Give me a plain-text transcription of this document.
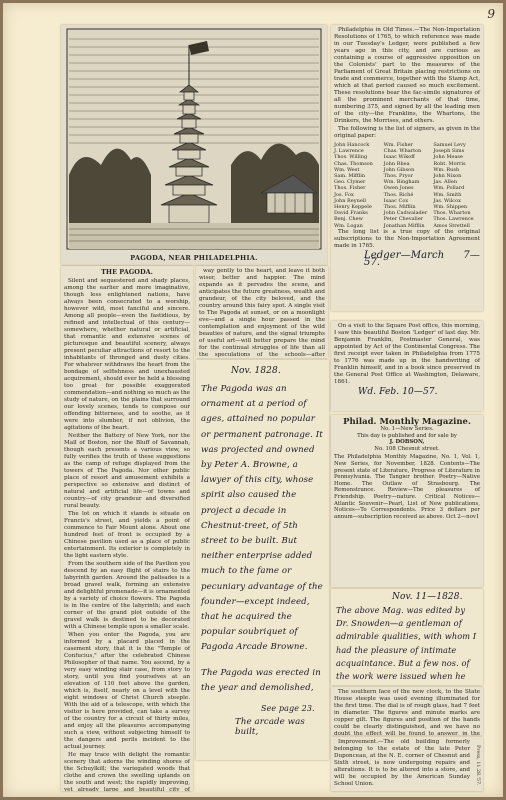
9
PAGODA, NEAR PHILADELPHIA.
THE PAGODA.

Silent and sequestered and shady places, among the earlier and more imaginative, though less enlightened nations, have always been consecrated to a worship, however wild, most fanciful and sincere. Among all people—even the fastidious, by refined and intellectual of this century—somewhere, whether natural or artificial, that romantic and extensive scenes of picturesque and beautiful scenery, always present peculiar attractions of resort to the inhabitants of thronged and dusty cities. For whatever withdraws the heart from the bondage of selfishness and unexhausted acquirement, should ever be held a blessing too great for possible exaggerated commendation—and nothing so much as the study of nature, on the plains that surround our lovely scenes, tends to compose our offending bitterness, and to soothe, as it were into slumber, if not oblivion, the agitations of the heart.

Neither the Battery of New York, nor the Mall of Boston, nor the Bluff of Savannah, though each presents a various view, so fully verifies the truth of these suggestions as the camp of refuge displayed from the towers of The Pagoda. Nor other public place of resort and amusement exhibits a perspective so extensive and distinct of natural and artificial life—of towns and country—of city grandeur and diversified rural beauty.

The lot on which it stands is situate on Francis's street, and yields a point of commence to Fair Mount alone. About one hundred feet of front is occupied by a Chinese pavilion used as a place of public entertainment. Its exterior is completely in the light eastern style.

From the southern side of the Pavilion you descend by an easy flight of stairs to the labyrinth garden. Around the palisades is a broad gravel walk, forming an extensive and delightful promenade—it is ornamented by a variety of choice flowers. The Pagoda is in the centre of the labyrinth; and each corner of the grand plot outside of the gravel walk is destined to be decorated with a Chinese temple upon a smaller scale.

When you enter the Pagoda, you are informed by a placard placed in the casement story, that it is the "Temple of Confucius," after the celebrated Chinese Philosopher of that name. You ascend, by a very easy winding stair case, from story to story, until you find yourselves at an elevation of 110 feet above the garden, which is, itself, nearly on a level with the eight windows of Christ Church steeple. With the aid of a telescope, with which the visitor is here provided, can take a survey of the country for a circuit of thirty miles, and enjoy all the pleasures accompanying such a view, without subjecting himself to the dangers and perils incident to the actual journey.

He may trace with delight the romantic scenery that adorns the winding shores of the Schuylkill; the variegated woods that clothe and crown the swelling uplands on the south and west; the rapidly improving, yet already large and beautiful city of

way gently to the heart, and leave it both wiser, better and happier. The mind expands as it pervades the scene, and anticipates the future greatness, wealth and grandeur, of the city beloved, and the country around this fairy spot. A single visit to The Pagoda at sunset, or on a moonlight eve—and a single hour passed in the contemplation and enjoyment of the wild beauties of nature, and the signal triumphs of useful art—will better prepare the mind for the continual struggles of life than all the speculations of the schools—after

Nov. 1828.
The Pagoda was an ornament at a period of ages, attained no popular or permanent patronage. It was projected and owned by Peter A. Browne, a lawyer of this city, whose spirit also caused the project a decade in Chestnut-treet, of 5th street to be built. But neither enterprise added much to the fame or pecuniary advantage of the founder—except indeed, that he acquired the popular soubriquet of Pagoda Arcade Browne.
The Pagoda was erected in the year and demolished,
See page 23.
The arcade was built,

Philadelphia in Old Times.—The Non-Importation Resolutions of 1765, to which reference was made in our Tuesday's Ledger, were published a few years ago in this city, and are curious as containing a course of aggressive opposition on the Colonists' part to the measures of the Parliament of Great Britain placing restrictions on trade and commerce, together with the Stamp Act, which at that period caused so much excitement. These resolutions bear the fac-simile signatures of all the prominent merchants of that time, numbering 375, and signed by all the leading men of the city—the Franklins, the Whartons, the Drinkers, the Morrises, and others.

The following is the list of signers, as given in the original paper:

John Hancock	Wm. Fisher	Samuel Levy
J. Lawrence	Chas. Wharton	Joseph Sims
Thos. Willing	Isaac Wikoff	John Mease
Chas. Thomson	John Rhea	Robt. Morris
Wm. West	John Gibson	Wm. Rush
Sam. Mifflin	Thos. Pryor	John Nixon
Geo. Clymer	Wm. Bingham	Jas. Allen
Thos. Fisher	Owen Jones	Wm. Pollard
Jos. Fox	Thos. Riché	Wm. Smith
John Reynell	Isaac Cox	Jas. Wilcox
Henry Keppele	Thos. Mifflin	Wm. Shippen
David Franks	John Cadwalader	Thos. Wharton
Benj. Chew	Peter Chevalier	Thos. Lawrence
Wm. Logan	Jonathan Mifflin	Amos Strettell

The long list is a true copy of the original subscriptions to the Non-Importation Agreement made in 1765.

Ledger—March 7—57.

On a visit to the Square Post office, this morning, I saw this beautiful Boston 'Ledger' of last day. Mr. Benjamin Franklin, Postmaster General, was appointed by Act of the Continental Congress. The first receipt ever taken in Philadelphia from 1775 to 1776 was made up in the handwriting of Franklin himself, and in a book since preserved in the General Post Office at Washington, Delaware, 1861.

Wd. Feb. 10—57.
Philad. Monthly Magazine.
No. 1—New Series.
This day is published and for sale by
J. DOBSON,
No. 108 Chesnut street.
The Philadelphia Monthly Magazine, No. 1, Vol. 1, New Series, for November, 1828. Contents—The present state of Literature, Progress of Literature in Pennsylvania. The Tangier brother. Poetry—Native Home. The Outlaw of Strasbourg. The Remonstrance. Review—The pleasures of Friendship. Poetry—nature. Critical Notices—Atlantic Souvenir—Pearl, List of New publications, Notices—To Correspondents. Price 3 dollars per annum—subscription received as above. Oct 2—nov1
Nov. 11—1828.
The above Mag. was edited by Dr. Snowden—a gentleman of admirable qualities, with whom I had the pleasure of intimate acquaintance. But a few nos. of the work were issued when he

The southern face of the new clock, to the State House steeple was used evening illuminated for the first time. The dial is of rough glass, had 7 feet in diameter. The figures and minute marks are copper gilt. The figures and position of the hands could be clearly distinguished, and we have no doubt the effect will be found to answer, in the

Improvement.—The old building formerly belonging to the estate of the late Peter Duponceau, at the N. E. corner of Chesnut and Sixth street, is now undergoing repairs and alterations. It is to be altered into a store, and will be occupied by the American Sunday School Union.	Press, 11.28.'57.
